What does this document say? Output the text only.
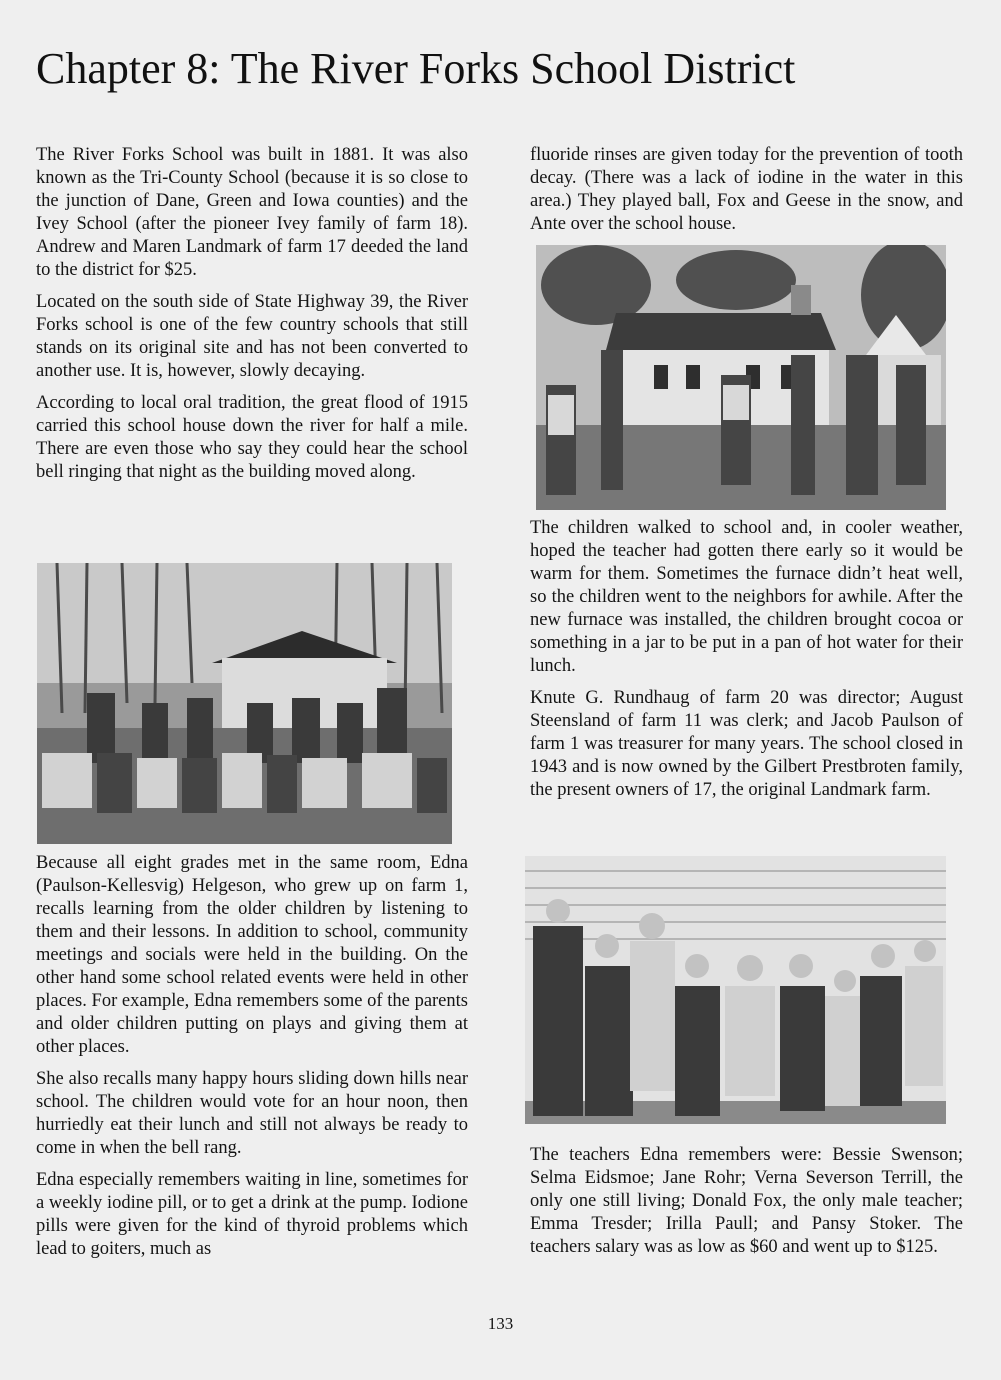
Chapter 8: The River Forks School District

The River Forks School was built in 1881. It was also known as the Tri-County School (because it is so close to the junction of Dane, Green and Iowa counties) and the Ivey School (after the pioneer Ivey family of farm 18). Andrew and Maren Landmark of farm 17 deeded the land to the district for $25.

Located on the south side of State Highway 39, the River Forks school is one of the few country schools that still stands on its original site and has not been converted to another use. It is, however, slowly decaying.

According to local oral tradition, the great flood of 1915 carried this school house down the river for half a mile. There are even those who say they could hear the school bell ringing that night as the building moved along.

Because all eight grades met in the same room, Edna (Paulson-Kellesvig) Helgeson, who grew up on farm 1, recalls learning from the older children by listening to them and their lessons. In addition to school, community meetings and socials were held in the building. On the other hand some school related events were held in other places. For example, Edna remembers some of the parents and older children putting on plays and giving them at other places.

She also recalls many happy hours sliding down hills near school. The children would vote for an hour noon, then hurriedly eat their lunch and still not always be ready to come in when the bell rang.

Edna especially remembers waiting in line, sometimes for a weekly iodine pill, or to get a drink at the pump. Iodione pills were given for the kind of thyroid problems which lead to goiters, much as

fluoride rinses are given today for the prevention of tooth decay. (There was a lack of iodine in the water in this area.) They played ball, Fox and Geese in the snow, and Ante over the school house.

The children walked to school and, in cooler weather, hoped the teacher had gotten there early so it would be warm for them. Sometimes the furnace didn’t heat well, so the children went to the neighbors for awhile. After the new furnace was installed, the children brought cocoa or something in a jar to be put in a pan of hot water for their lunch.

Knute G. Rundhaug of farm 20 was director; August Steensland of farm 11 was clerk; and Jacob Paulson of farm 1 was treasurer for many years. The school closed in 1943 and is now owned by the Gilbert Prestbroten family, the present owners of 17, the original Landmark farm.

The teachers Edna remembers were: Bessie Swenson; Selma Eidsmoe; Jane Rohr; Verna Severson Terrill, the only one still living; Donald Fox, the only male teacher; Emma Tresder; Irilla Paull; and Pansy Stoker. The teachers salary was as low as $60 and went up to $125.

133
